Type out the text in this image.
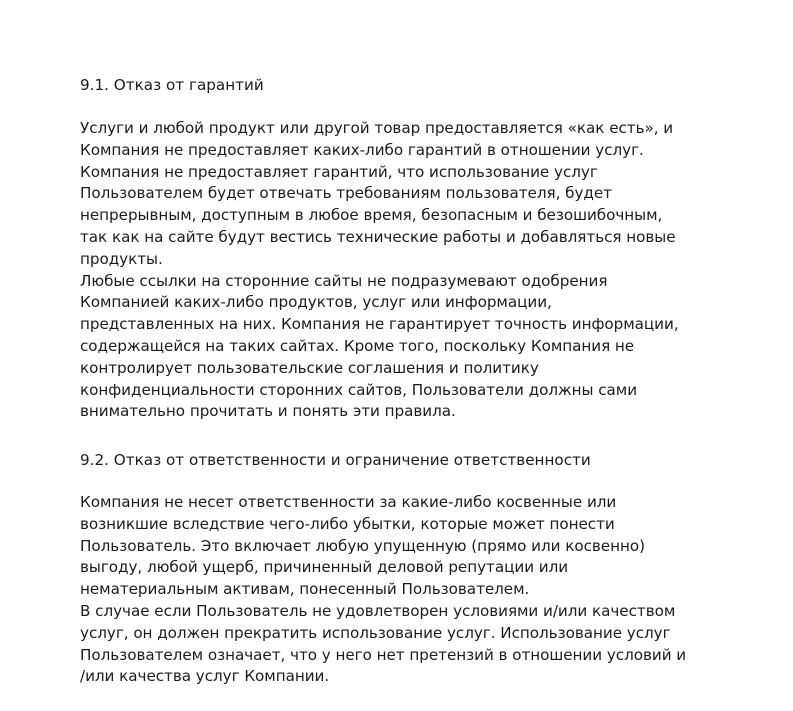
9.1. Отказ от гарантий
Услуги и любой продукт или другой товар предоставляется «как есть», и
Компания не предоставляет каких-либо гарантий в отношении услуг.
Компания не предоставляет гарантий, что использование услуг
Пользователем будет отвечать требованиям пользователя, будет
непрерывным, доступным в любое время, безопасным и безошибочным,
так как на сайте будут вестись технические работы и добавляться новые
продукты.
Любые ссылки на сторонние сайты не подразумевают одобрения
Компанией каких-либо продуктов, услуг или информации,
представленных на них. Компания не гарантирует точность информации,
содержащейся на таких сайтах. Кроме того, поскольку Компания не
контролирует пользовательские соглашения и политику
конфиденциальности сторонних сайтов, Пользователи должны сами
внимательно прочитать и понять эти правила.
9.2. Отказ от ответственности и ограничение ответственности
Компания не несет ответственности за какие-либо косвенные или
возникшие вследствие чего-либо убытки, которые может понести
Пользователь. Это включает любую упущенную (прямо или косвенно)
выгоду, любой ущерб, причиненный деловой репутации или
нематериальным активам, понесенный Пользователем.
В случае если Пользователь не удовлетворен условиями и/или качеством
услуг, он должен прекратить использование услуг. Использование услуг
Пользователем означает, что у него нет претензий в отношении условий и
/или качества услуг Компании.
